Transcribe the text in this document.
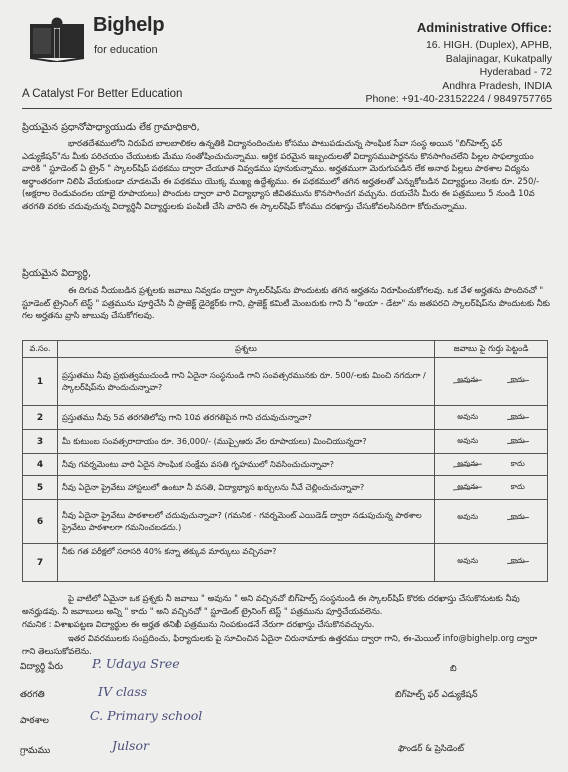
Bighelp
for education
A Catalyst For Better Education
Administrative Office:
16. HIGH. (Duplex), APHB,
Balajinagar, Kukatpally
Hyderabad - 72
Andhra Pradesh, INDIA
Phone: +91-40-23152224 / 9849757765
ప్రియమైన ప్రధానోపాధ్యాయుడు లేక గ్రామాధికారి,
భారతదేశములోని నిరుపేద బాలబాలికల ఉన్నతికి విద్యానందించుట కోసము పాటుపడుచున్న సాంఘిక సేవా సంస్థ అయిన "బిగ్‌హెల్ప్ ఫర్ ఎడ్యుకేషన్"ను మీకు పరిచయం చేయుటకు మేము సంతోషించుచున్నాము. ఆర్థిక పరమైన ఇబ్బందులతో విద్యాసముపార్జనను కొనసాగించలేని పిల్లల సాఫల్యాయం వారికి " స్టూడెంట్ ఏ ట్రైన్ " స్కాలర్‌షిప్ పథకము ద్వారా చేయూత నివ్వడము పూనుకున్నాము. అర్హతముగా మెరుగుపడిన లేక అనాథ పిల్లలు పాఠశాల విద్యను అర్థాంతరంగా నిలిపి వేయకుండా చూడటమే ఈ పథకము యొక్క ముఖ్య ఉద్దేశ్యము. ఈ పథకములో తగిన అర్హతలతో ఎన్నుకోబడిన విద్యార్థులు నెలకు రూ. 250/- (అక్షరాల రెండువందల యాభై రూపాయలు) పొందుట ద్వారా వారి విద్యాభ్యాస జీవితమును కొనసాగించగ వచ్చును. దయచేసి మీరు ఈ పత్రములు 5 నుండి 10వ తరగతి వరకు చదువుచున్న విద్యార్థినీ విద్యార్థులకు పంపిణీ చేసి వారిని ఈ స్కాలర్‌షిప్ కోసము దరఖాస్తు చేసుకోవలసినదిగా కోరుచున్నాము.
ప్రియమైన విద్యార్థి,
ఈ దిగువ నీయబడిన ప్రశ్నలకు జవాబు నివ్వడం ద్వారా స్కాలర్‌షిప్‌ను పొందుటకు తగిన అర్హతను నిరూపించుకోగలవు. ఒక వేళ అర్హతను పొందినచో " స్టూడెంట్ ట్రైనింగ్ టెస్ట్ " పత్రమును పూర్తిచేసి నీ ప్రాజెక్ట్ డైరెక్టర్‌కు గాని, ప్రాజెక్ట్ కమిటీ మెంబరుకు గాని నీ "అయా - డేటా" ను జతపరచి స్కాలర్‌షిప్‌ను పొందుటకు నీకు గల అర్హతను వ్రాసి జాబువు చేసుకోగలవు.
వ.సం.	ప్రశ్నలు	జవాబు పై గుర్తు పెట్టండి
1	ప్రస్తుతము నీవు ప్రభుత్వముచుండి గాని ఏదైనా సంస్థనుండి గాని సంవత్సరమునకు రూ. 500/-లకు మించి నగదుగా / స్కాలర్‌షిప్‌ను పొందుచున్నావా?	అవును కాదు

2	ప్రస్తుతము నీవు 5వ తరగతిలోపు గాని 10వ తరగతిపైన గాని చదువుచున్నావా?	అవును కాదు

3	మీ కుటుంబ సంవత్సరాదాయం రూ. 36,000/- (ముప్పైఆరు వేల రూపాయలు) మించియున్నదా?	అవును కాదు

4	నీవు గవర్నమెంటు వారి ఏదైన సాంఘిక సంక్షేమ వసతి గృహములో నివసించుచున్నావా?	అవును కాదు

5	నీవు ఏదైనా ప్రైవేటు హాస్టలులో ఉంటూ నీ వసతి, విద్యాభ్యాస ఖర్చులను నీవే చెల్లించుచున్నావా?	అవును కాదు

6	నీవు ఏదైనా ప్రైవేటు పాఠశాలలో చదువుచున్నావా? (గమనిక - గవర్నమెంట్ ఎయిడెడ్ ద్వారా నడుపుచున్న పాఠశాల ప్రైవేటు పాఠశాలగా గమనించబడదు.)	అవును కాదు

7	నీకు గత పరీక్షలో సరాసరి 40% కన్నా తక్కువ మార్కులు వచ్చినవా?	అవును కాదు
పై వాటిలో ఏమైనా ఒక ప్రశ్నకు నీ జవాబు " అవును " అని వచ్చినచో బిగ్‌హెల్ప్ సంస్థనుండి ఈ స్కాలర్‌షిప్ కొరకు దరఖాస్తు చేసుకొనుటకు నీవు అనర్హుడవు. నీ జవాబులు అన్ని " కాదు " అని వచ్చినచో " స్టూడెంట్ ట్రైనింగ్ టెస్ట్ " పత్రమును పూర్తిచేయవలెను.
గమనిక : విశాఖపట్టణ విద్యార్థుల ఈ అర్హత తనిఖీ పత్రమును నింపకుండనే నేరుగా దరఖాస్తు చేసుకొనవచ్చును.
ఇతర వివరములకు సంప్రదించు, ఫిర్యాదులకు పై సూచించిన ఏదైనా చిరునామాకు ఉత్తరము ద్వారా గాని, ఈ-మెయిల్ info@bighelp.org ద్వారా గాని తెలుసుకోవలెను.
విద్యార్థి పేరు P. Udaya Sree
తరగతి	IV class
పాఠశాల	C. Primary school
గ్రామము	Julsor
బి
బిగ్‌హెల్ప్ ఫర్ ఎడ్యుకేషన్
ఫౌండర్ & ప్రెసిడెంట్
